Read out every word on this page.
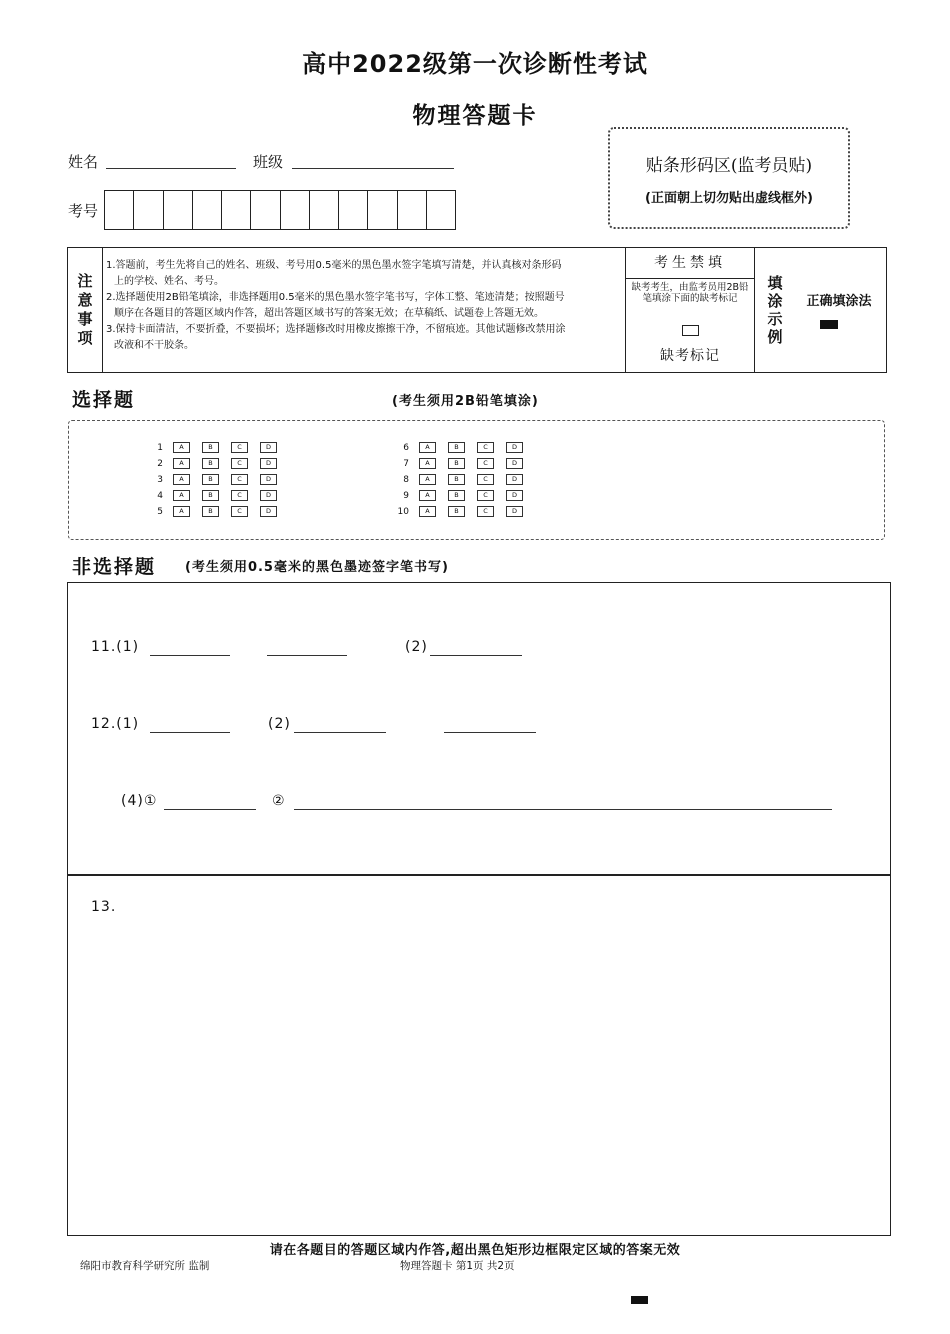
高中2022级第一次诊断性考试
物理答题卡
姓名	班级
考号
贴条形码区(监考员贴)
(正面朝上切勿贴出虚线框外)
注
意
事
项

1.答题前，考生先将自己的姓名、班级、考号用0.5毫米的黑色墨水签字笔填写清楚，并认真核对条形码

上的学校、姓名、考号。

2.选择题使用2B铅笔填涂，非选择题用0.5毫米的黑色墨水签字笔书写，字体工整、笔迹清楚；按照题号

顺序在各题目的答题区域内作答，超出答题区域书写的答案无效；在草稿纸、试题卷上答题无效。

3.保持卡面清洁，不要折叠，不要损坏；选择题修改时用橡皮擦擦干净，不留痕迹。其他试题修改禁用涂

改液和不干胶条。

考生禁填
缺考考生，由监考员用2B铅笔填涂下面的缺考标记
缺考标记
填
涂
示
例
正确填涂法
选择题	(考生须用2B铅笔填涂)
1	A	B	C	D
2	A	B	C	D
3	A	B	C	D
4	A	B	C	D
5	A	B	C	D
6	A	B	C	D
7	A	B	C	D
8	A	B	C	D
9	A	B	C	D
10	A	B	C	D
非选择题 (考生须用0.5毫米的黑色墨迹签字笔书写)
11.(1)	(2)
12.(1)	(2)
(4)①	②
13.
请在各题目的答题区域内作答,超出黑色矩形边框限定区域的答案无效
绵阳市教育科学研究所 监制	物理答题卡 第1页 共2页
